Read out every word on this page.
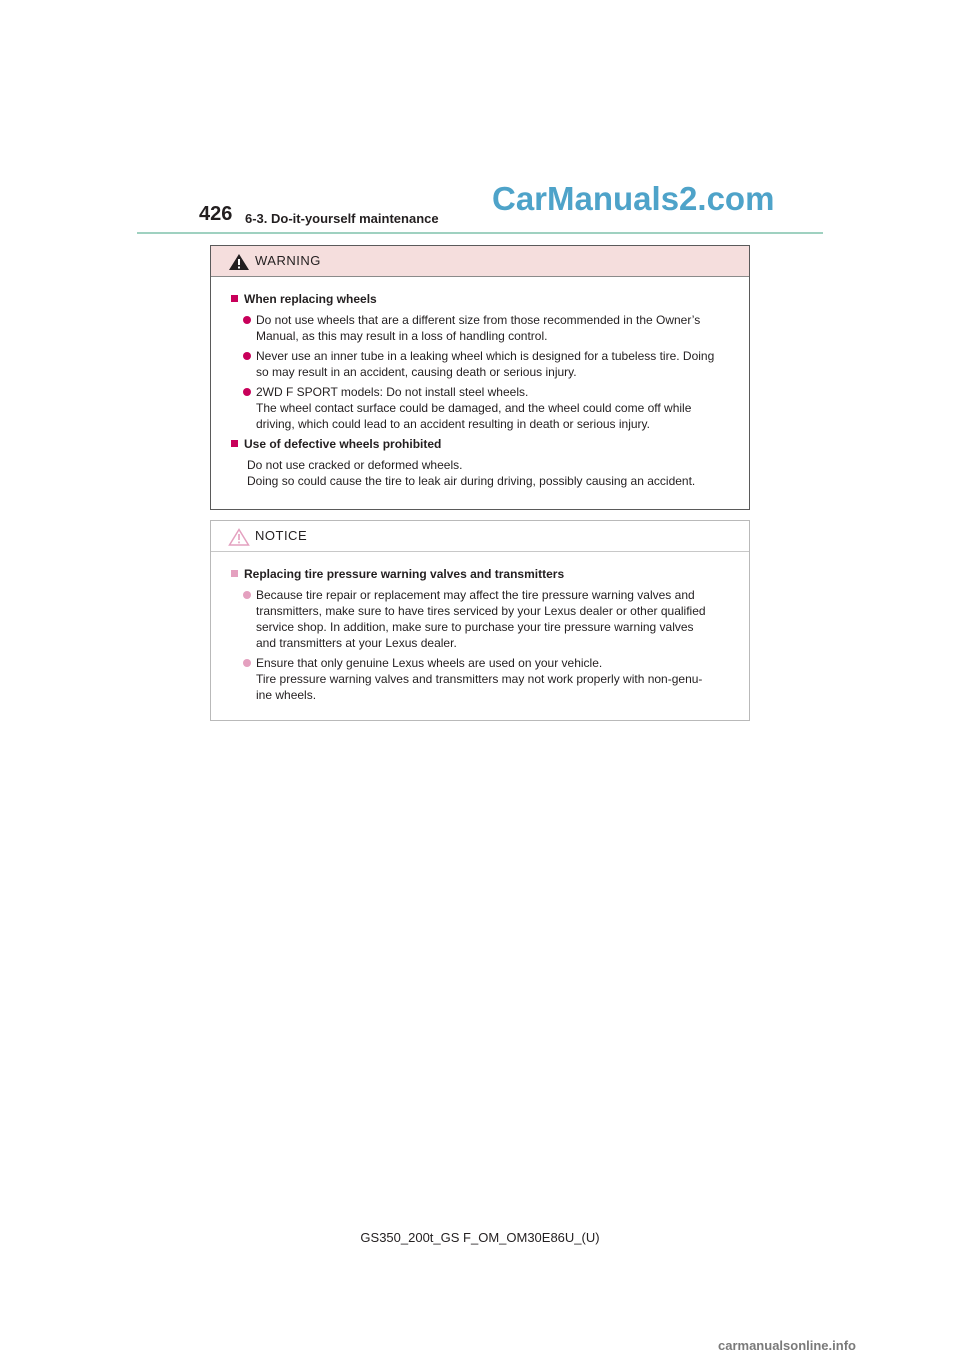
426 6-3. Do-it-yourself maintenance
CarManuals2.com
WARNING
When replacing wheels
Do not use wheels that are a different size from those recommended in the Owner’s
Manual, as this may result in a loss of handling control.
Never use an inner tube in a leaking wheel which is designed for a tubeless tire. Doing
so may result in an accident, causing death or serious injury.
2WD F SPORT models: Do not install steel wheels.
The wheel contact surface could be damaged, and the wheel could come off while
driving, which could lead to an accident resulting in death or serious injury.
Use of defective wheels prohibited
Do not use cracked or deformed wheels.
Doing so could cause the tire to leak air during driving, possibly causing an accident.
NOTICE
Replacing tire pressure warning valves and transmitters
Because tire repair or replacement may affect the tire pressure warning valves and
transmitters, make sure to have tires serviced by your Lexus dealer or other qualified
service shop. In addition, make sure to purchase your tire pressure warning valves
and transmitters at your Lexus dealer.
Ensure that only genuine Lexus wheels are used on your vehicle.
Tire pressure warning valves and transmitters may not work properly with non-genu-
ine wheels.
GS350_200t_GS F_OM_OM30E86U_(U)
carmanualsonline.info
